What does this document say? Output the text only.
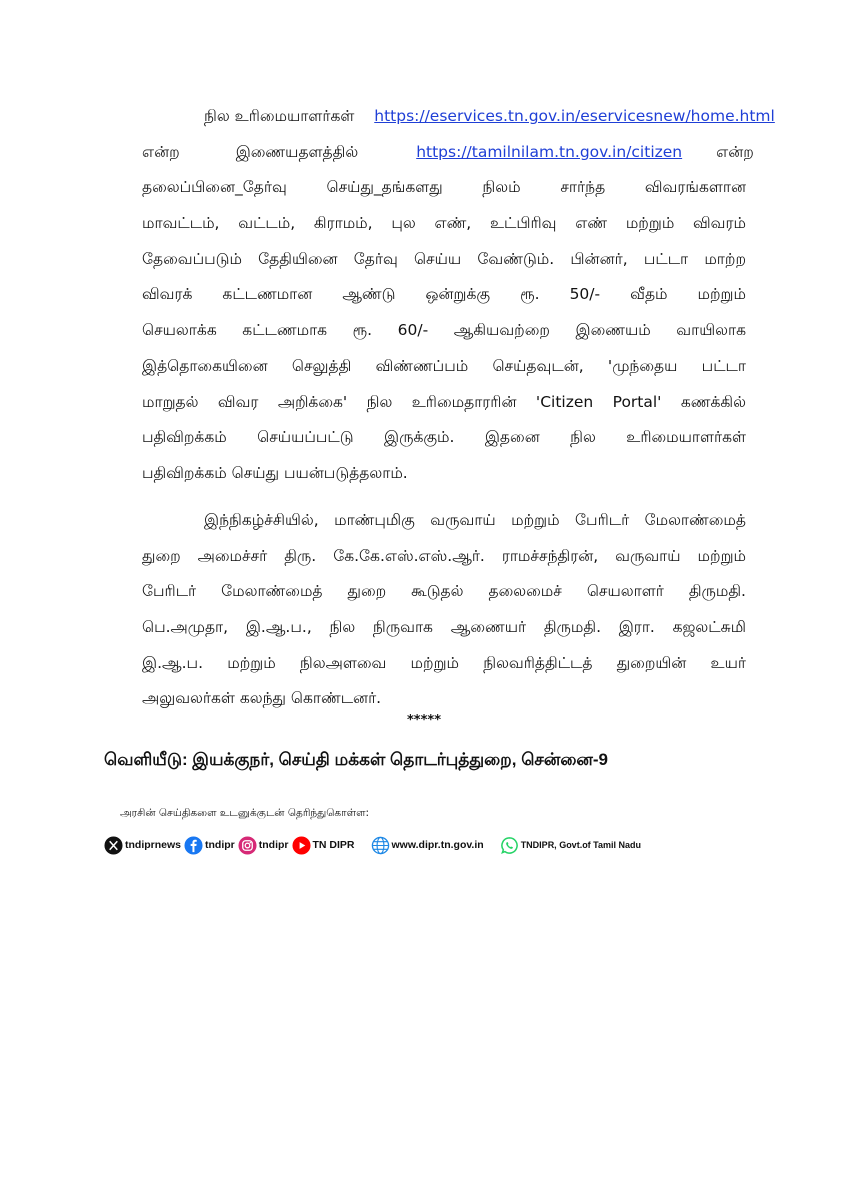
நில உரிமையாளர்கள் https://eservices.tn.gov.in/eservicesnew/home.html
என்ற	இணையதளத்தில்	https://tamilnilam.tn.gov.in/citizen	என்ற
தலைப்பினை_தேர்வு செய்து_தங்களது நிலம் சார்ந்த விவரங்களான
மாவட்டம், வட்டம், கிராமம், புல எண், உட்பிரிவு எண் மற்றும் விவரம்
தேவைப்படும் தேதியினை தேர்வு செய்ய வேண்டும். பின்னர், பட்டா மாற்ற
விவரக் கட்டணமான ஆண்டு ஒன்றுக்கு ரூ. 50/- வீதம் மற்றும்
செயலாக்க கட்டணமாக ரூ. 60/- ஆகியவற்றை இணையம் வாயிலாக
இத்தொகையினை செலுத்தி விண்ணப்பம் செய்தவுடன், 'முந்தைய பட்டா
மாறுதல் விவர அறிக்கை' நில உரிமைதாரரின் 'Citizen Portal' கணக்கில்
பதிவிறக்கம் செய்யப்பட்டு இருக்கும். இதனை நில உரிமையாளர்கள்
பதிவிறக்கம் செய்து பயன்படுத்தலாம்.
இந்நிகழ்ச்சியில், மாண்புமிகு வருவாய் மற்றும் பேரிடர் மேலாண்மைத்
துறை அமைச்சர் திரு. கே.கே.எஸ்.எஸ்.ஆர். ராமச்சந்திரன், வருவாய் மற்றும்
பேரிடர் மேலாண்மைத் துறை கூடுதல் தலைமைச் செயலாளர் திருமதி.
பெ.அமுதா, இ.ஆ.ப., நில நிருவாக ஆணையர் திருமதி. இரா. கஜலட்சுமி
இ.ஆ.ப. மற்றும் நிலஅளவை மற்றும் நிலவரித்திட்டத் துறையின் உயர்
அலுவலர்கள் கலந்து கொண்டனர்.
*****
வெளியீடு: இயக்குநர், செய்தி மக்கள் தொடர்புத்துறை, சென்னை-9
அரசின் செய்திகளை உடனுக்குடன் தெரிந்துகொள்ள:
tndiprnews tndipr tndipr TN DIPR	www.dipr.tn.gov.in	TNDIPR, Govt.of Tamil Nadu
